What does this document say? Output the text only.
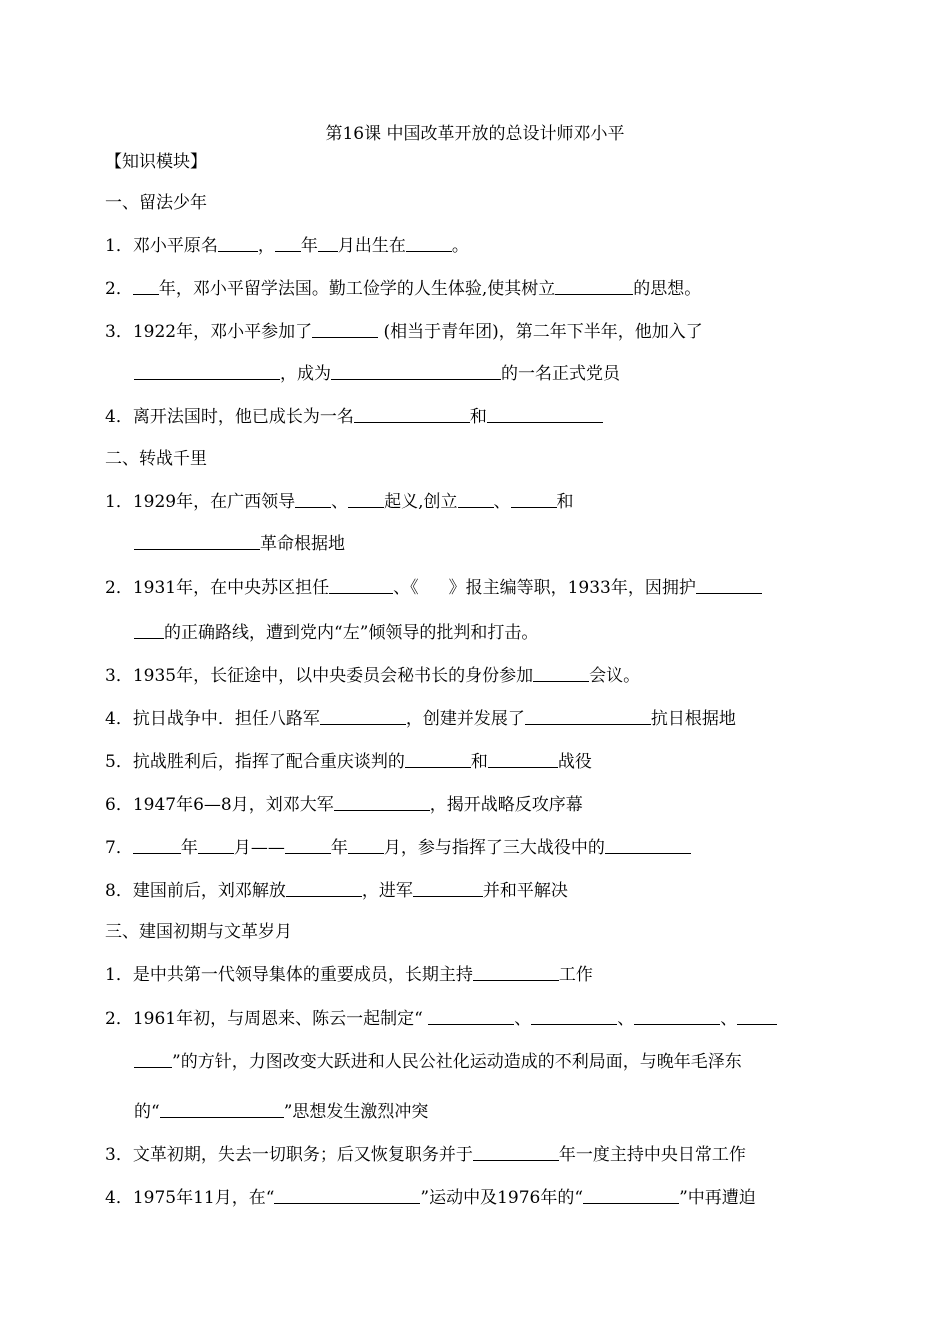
第16课 中国改革开放的总设计师邓小平
【知识模块】
一、留法少年
1．邓小平原名 ， 年 月出生在	。
2． 年，邓小平留学法国。勤工俭学的人生体验,使其树立	的思想。
3．1922年，邓小平参加了	(相当于青年团)，第二年下半年，他加入了
，成为	的一名正式党员
4．离开法国时，他已成长为一名	和
二、转战千里
1．1929年，在广西领导 、 起义,创立 、	和
革命根据地
2．1931年，在中央苏区担任	、《 》报主编等职，1933年，因拥护
的正确路线，遭到党内“左”倾领导的批判和打击。
3．1935年，长征途中，以中央委员会秘书长的身份参加	会议。
4．抗日战争中．担任八路军	，创建并发展了	抗日根据地
5．抗战胜利后，指挥了配合重庆谈判的	和	战役
6．1947年6—8月，刘邓大军	，揭开战略反攻序幕
7．	年 月——	年 月，参与指挥了三大战役中的
8．建国前后，刘邓解放	，进军	并和平解决
三、建国初期与文革岁月
1．是中共第一代领导集体的重要成员，长期主持	工作
2．1961年初，与周恩来、陈云一起制定“	、	、	、
”的方针，力图改变大跃进和人民公社化运动造成的不利局面，与晚年毛泽东
的“	”思想发生激烈冲突
3．文革初期，失去一切职务；后又恢复职务并于	年一度主持中央日常工作
4．1975年11月，在“	”运动中及1976年的“	”中再遭迫
